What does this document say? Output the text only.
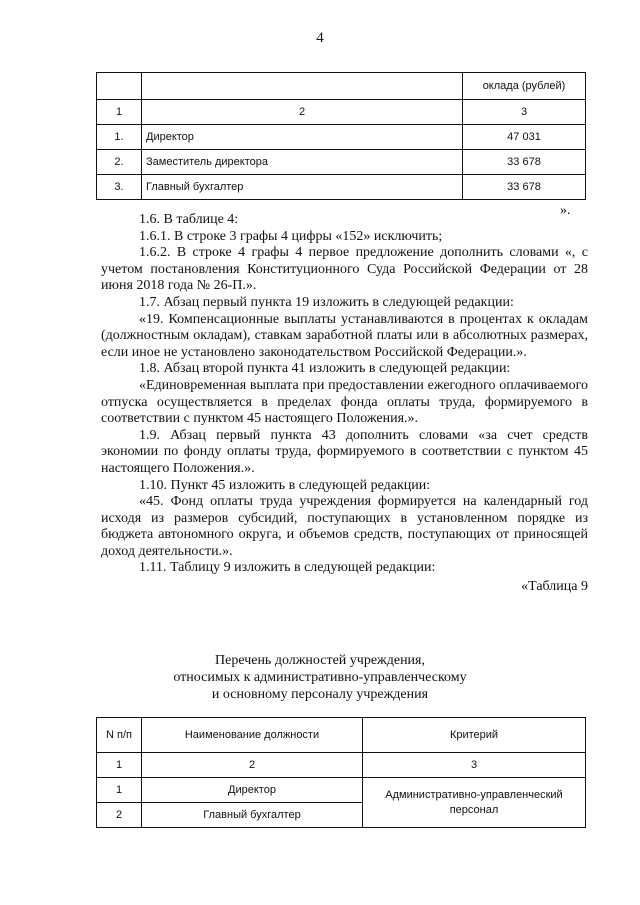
4
		оклада (рублей)
1	2	3
1.	Директор	47 031
2.	Заместитель директора	33 678
3.	Главный бухгалтер	33 678
».

1.6. В таблице 4:

1.6.1. В строке 3 графы 4 цифры «152» исключить;

1.6.2. В строке 4 графы 4 первое предложение дополнить словами «, с учетом постановления Конституционного Суда Российской Федерации от 28 июня 2018 года № 26-П.».

1.7. Абзац первый пункта 19 изложить в следующей редакции:

«19. Компенсационные выплаты устанавливаются в процентах к окладам (должностным окладам), ставкам заработной платы или в абсолютных размерах, если иное не установлено законодательством Российской Федерации.».

1.8. Абзац второй пункта 41 изложить в следующей редакции:

«Единовременная выплата при предоставлении ежегодного оплачиваемого отпуска осуществляется в пределах фонда оплаты труда, формируемого в соответствии с пунктом 45 настоящего Положения.».

1.9. Абзац первый пункта 43 дополнить словами «за счет средств экономии по фонду оплаты труда, формируемого в соответствии с пунктом 45 настоящего Положения.».

1.10. Пункт 45 изложить в следующей редакции:

«45. Фонд оплаты труда учреждения формируется на календарный год исходя из размеров субсидий, поступающих в установленном порядке из бюджета автономного округа, и объемов средств, поступающих от приносящей доход деятельности.».

1.11. Таблицу 9 изложить в следующей редакции:

«Таблица 9

Перечень должностей учреждения,
относимых к административно-управленческому
и основному персоналу учреждения
N п/п	Наименование должности	Критерий
1	2	3
1	Директор	Административно-управленческий персонал
2	Главный бухгалтер	
